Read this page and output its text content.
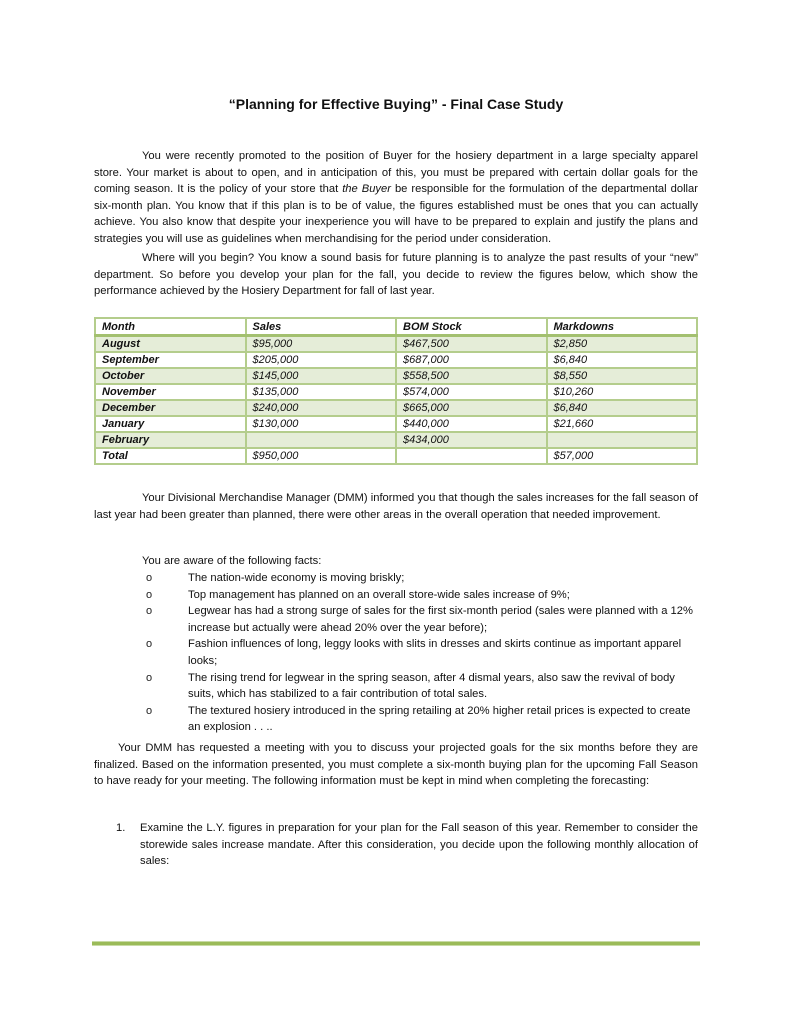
“Planning for Effective Buying” - Final Case Study

You were recently promoted to the position of Buyer for the hosiery department in a large specialty apparel store. Your market is about to open, and in anticipation of this, you must be prepared with certain dollar goals for the coming season. It is the policy of your store that the Buyer be responsible for the formulation of the departmental dollar six-month plan. You know that if this plan is to be of value, the figures established must be ones that you can actually achieve. You also know that despite your inexperience you will have to be prepared to explain and justify the plans and strategies you will use as guidelines when merchandising for the period under consideration.

Where will you begin? You know a sound basis for future planning is to analyze the past results of your “new” department. So before you develop your plan for the fall, you decide to review the figures below, which show the performance achieved by the Hosiery Department for fall of last year.

Month	Sales	BOM Stock	Markdowns
August	$95,000	$467,500	$2,850
September	$205,000	$687,000	$6,840
October	$145,000	$558,500	$8,550
November	$135,000	$574,000	$10,260
December	$240,000	$665,000	$6,840
January	$130,000	$440,000	$21,660
February		$434,000	
Total	$950,000		$57,000

Your Divisional Merchandise Manager (DMM) informed you that though the sales increases for the fall season of last year had been greater than planned, there were other areas in the overall operation that needed improvement.

You are aware of the following facts:
o	The nation-wide economy is moving briskly;
o	Top management has planned on an overall store-wide sales increase of 9%;
o	Legwear has had a strong surge of sales for the first six-month period (sales were planned with a 12% increase but actually were ahead 20% over the year before);
o	Fashion influences of long, leggy looks with slits in dresses and skirts continue as important apparel looks;
o	The rising trend for legwear in the spring season, after 4 dismal years, also saw the revival of body suits, which has stabilized to a fair contribution of total sales.
o	The textured hosiery introduced in the spring retailing at 20% higher retail prices is expected to create an explosion . . ..

Your DMM has requested a meeting with you to discuss your projected goals for the six months before they are finalized. Based on the information presented, you must complete a six-month buying plan for the upcoming Fall Season to have ready for your meeting. The following information must be kept in mind when completing the forecasting:

1. Examine the L.Y. figures in preparation for your plan for the Fall season of this year. Remember to consider the storewide sales increase mandate. After this consideration, you decide upon the following monthly allocation of sales:
